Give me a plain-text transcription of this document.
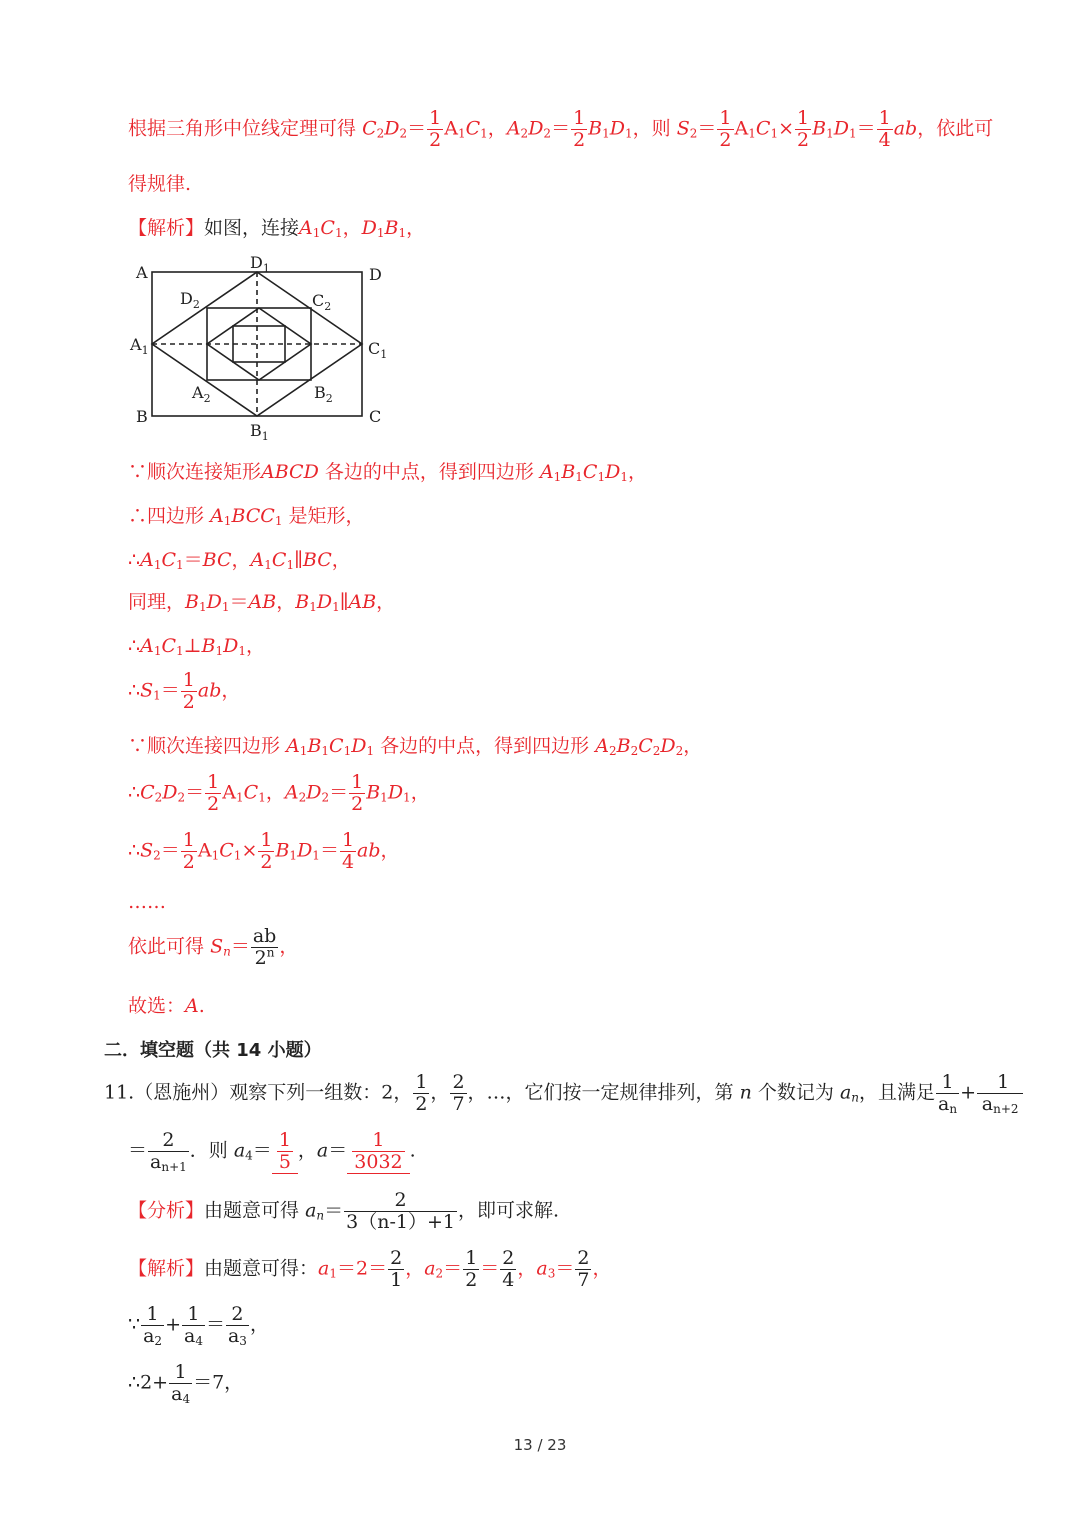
根据三角形中位线定理可得 $C_2D_2= \frac{1}{2} A_1C_1$，$A_2D_2= \frac{1}{2} B_1D_1$，则 $S_2= \frac{1}{2} A_1C_1\times \frac{1}{2} B_1D_1= \frac{1}{4}$ ab，依此可
得规律.
【解析】如图，连接$A_1C_1$，$D_1B_1$，
A	D
B	C
$D_1$
$B_1$
$A_1$	$C_1$
$D_2$	$C_2$
$A_2$	$B_2$
∵顺次连接矩形ABCD 各边的中点，得到四边形 $A_1B_1C_1D_1$，
∴四边形 $A_1BCC_1$ 是矩形，
$\therefore A_1C_1=BC$，$A_1C_1\parallel BC$，
同理，$B_1D_1=AB$，$B_1D_1\parallel AB$，
$\therefore A_1C_1\perp B_1D_1$，
$\therefore S_1= \frac{1}{2}$ ab，
∵顺次连接四边形 $A_1B_1C_1D_1$ 各边的中点，得到四边形 $A_2B_2C_2D_2$，
$\therefore C_2D_2= \frac{1}{2} A_1C_1$，$A_2D_2= \frac{1}{2} B_1D_1$，
$\therefore S_2= \frac{1}{2} A_1C_1\times \frac{1}{2} B_1D_1= \frac{1}{4}$ ab，
……
依此可得 $S_n= \frac{ab}{2^n}$ ，
故选：A.
二．填空题（共 14 小题）
11.（恩施州）观察下列一组数：2， $\frac{1}{2}$ ， $\frac{2}{7}$ ，…，它们按一定规律排列，第 n 个数记为 $a_n$，且满足 $\frac{1}{a_n} + \frac{1}{a_{n+2}}$
＝ $\frac{2}{a_{n+1}}$ ．则 $a_4= \frac{1}{5}$ ，$a= \frac{1}{3032}$ .
【分析】由题意可得 $a_n= \frac{2}{3(n-1)+1}$ ，即可求解.
【解析】由题意可得：$a_1=2= \frac{2}{1}$ ，$a_2= \frac{1}{2} = \frac{2}{4}$ ，$a_3= \frac{2}{7}$ ，
∵ $\frac{1}{a_2} + \frac{1}{a_4} = \frac{2}{a_3}$ ，
∴2+ $\frac{1}{a_4} =7$，
13 / 23
